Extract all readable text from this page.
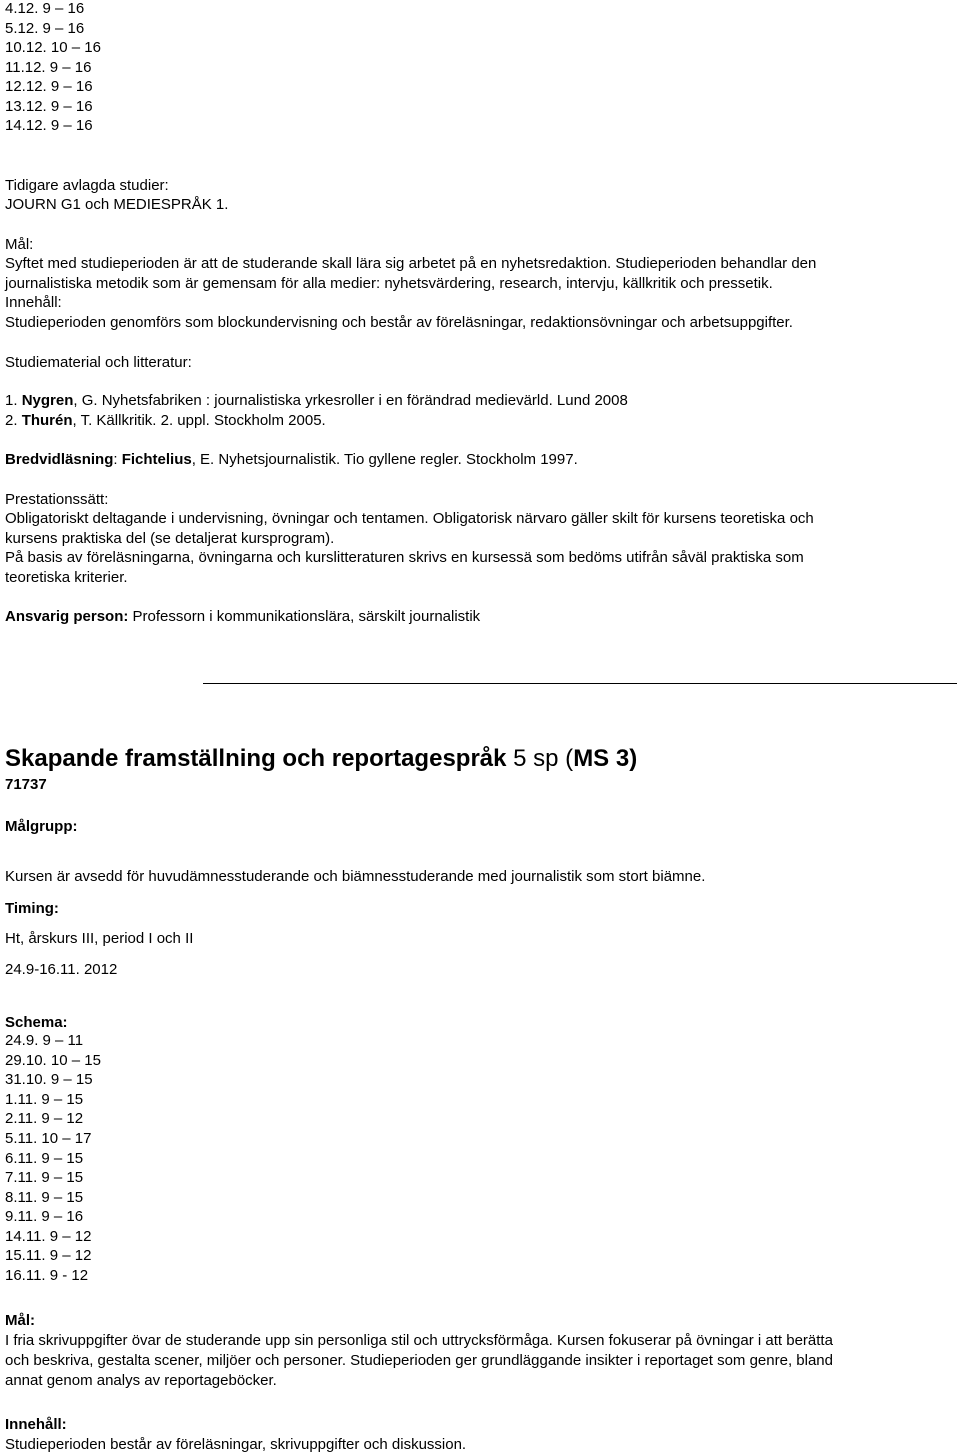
4.12. 9 – 16
5.12. 9 – 16
10.12. 10 – 16
11.12. 9 – 16
12.12. 9 – 16
13.12. 9 – 16
14.12. 9 – 16
Tidigare avlagda studier:
JOURN G1 och MEDIESPRÅK 1.
Mål:
Syftet med studieperioden är att de studerande skall lära sig arbetet på en nyhetsredaktion. Studieperioden behandlar den
journalistiska metodik som är gemensam för alla medier: nyhetsvärdering, research, intervju, källkritik och pressetik.
Innehåll:
Studieperioden genomförs som blockundervisning och består av föreläsningar, redaktionsövningar och arbetsuppgifter.
Studiematerial och litteratur:
1. Nygren, G. Nyhetsfabriken : journalistiska yrkesroller i en förändrad medievärld. Lund 2008
2. Thurén, T. Källkritik. 2. uppl. Stockholm 2005.
Bredvidläsning: Fichtelius, E. Nyhetsjournalistik. Tio gyllene regler. Stockholm 1997.
Prestationssätt:
Obligatoriskt deltagande i undervisning, övningar och tentamen. Obligatorisk närvaro gäller skilt för kursens teoretiska och
kursens praktiska del (se detaljerat kursprogram).
På basis av föreläsningarna, övningarna och kurslitteraturen skrivs en kursessä som bedöms utifrån såväl praktiska som
teoretiska kriterier.
Ansvarig person: Professorn i kommunikationslära, särskilt journalistik
Skapande framställning och reportagespråk 5 sp (MS 3)
71737
Målgrupp:
Kursen är avsedd för huvudämnesstuderande och biämnesstuderande med journalistik som stort biämne.
Timing:
Ht, årskurs III, period I och II
24.9-16.11. 2012
Schema:
24.9. 9 – 11
29.10. 10 – 15
31.10. 9 – 15
1.11. 9 – 15
2.11. 9 – 12
5.11. 10 – 17
6.11. 9 – 15
7.11. 9 – 15
8.11. 9 – 15
9.11. 9 – 16
14.11. 9 – 12
15.11. 9 – 12
16.11. 9 - 12
Mål:
I fria skrivuppgifter övar de studerande upp sin personliga stil och uttrycksförmåga. Kursen fokuserar på övningar i att berätta
och beskriva, gestalta scener, miljöer och personer. Studieperioden ger grundläggande insikter i reportaget som genre, bland
annat genom analys av reportageböcker.
Innehåll:
Studieperioden består av föreläsningar, skrivuppgifter och diskussion.
